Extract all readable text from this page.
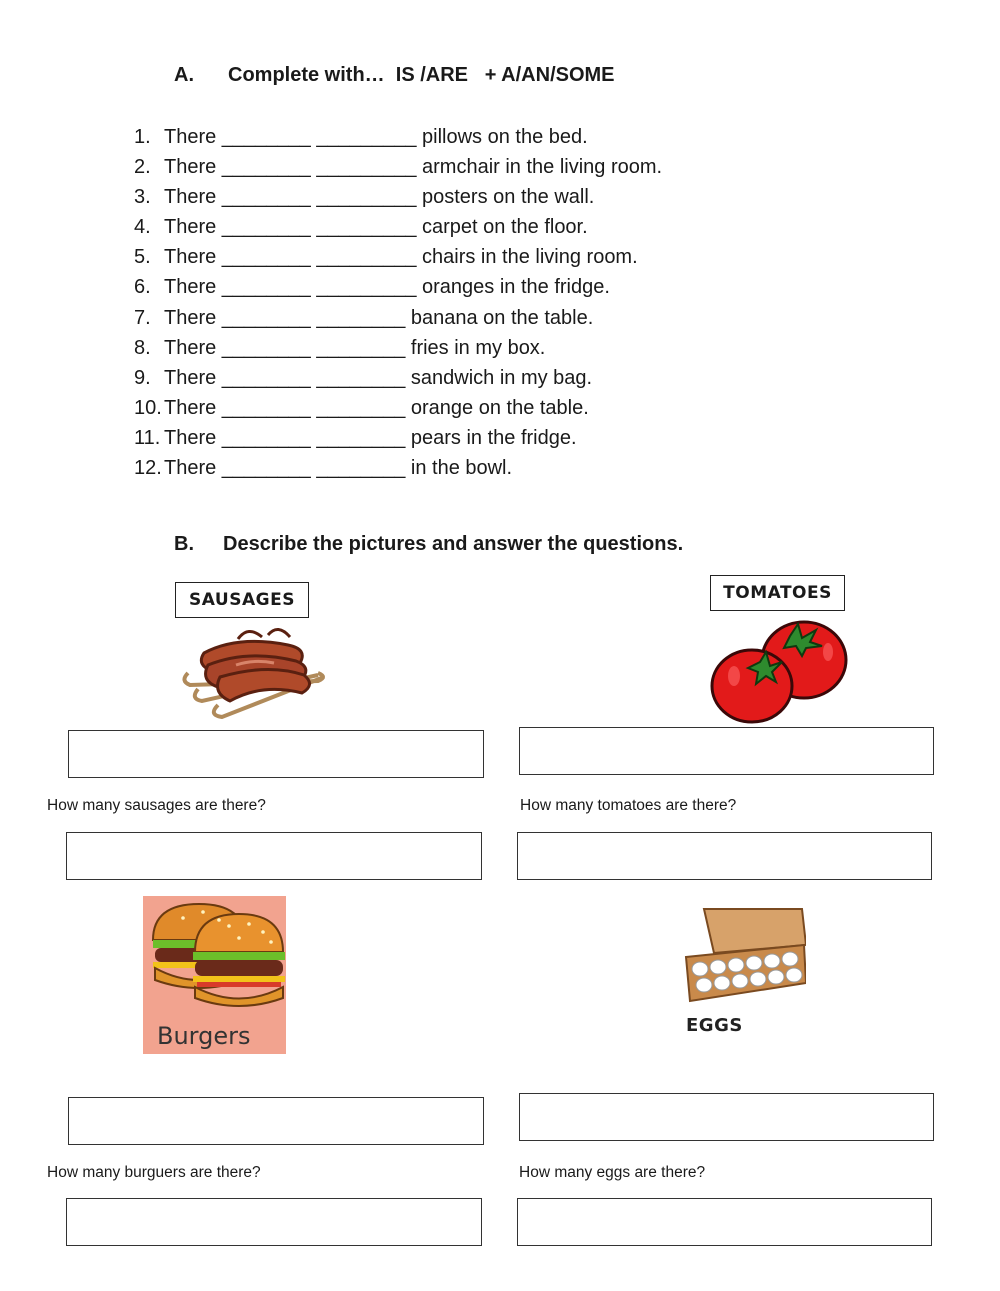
A. Complete with…  IS /ARE   + A/AN/SOME
1. There ________ _________ pillows on the bed.
2. There ________ _________ armchair in the living room.
3. There ________ _________ posters on the wall.
4. There ________ _________ carpet on the floor.
5. There ________ _________ chairs in the living room.
6. There ________ _________ oranges in the fridge.
7. There ________ ________ banana on the table.
8. There ________ ________ fries in my box.
9. There ________ ________ sandwich in my bag.
10. There ________ ________ orange on the table.
11. There ________ ________ pears in the fridge.
12. There ________ ________ in the bowl.
B. Describe the pictures and answer the questions.
SAUSAGES	TOMATOES
How many sausages are there?	How many tomatoes are there?
Burgers	EGGS
How many burguers are there?	How many eggs are there?
